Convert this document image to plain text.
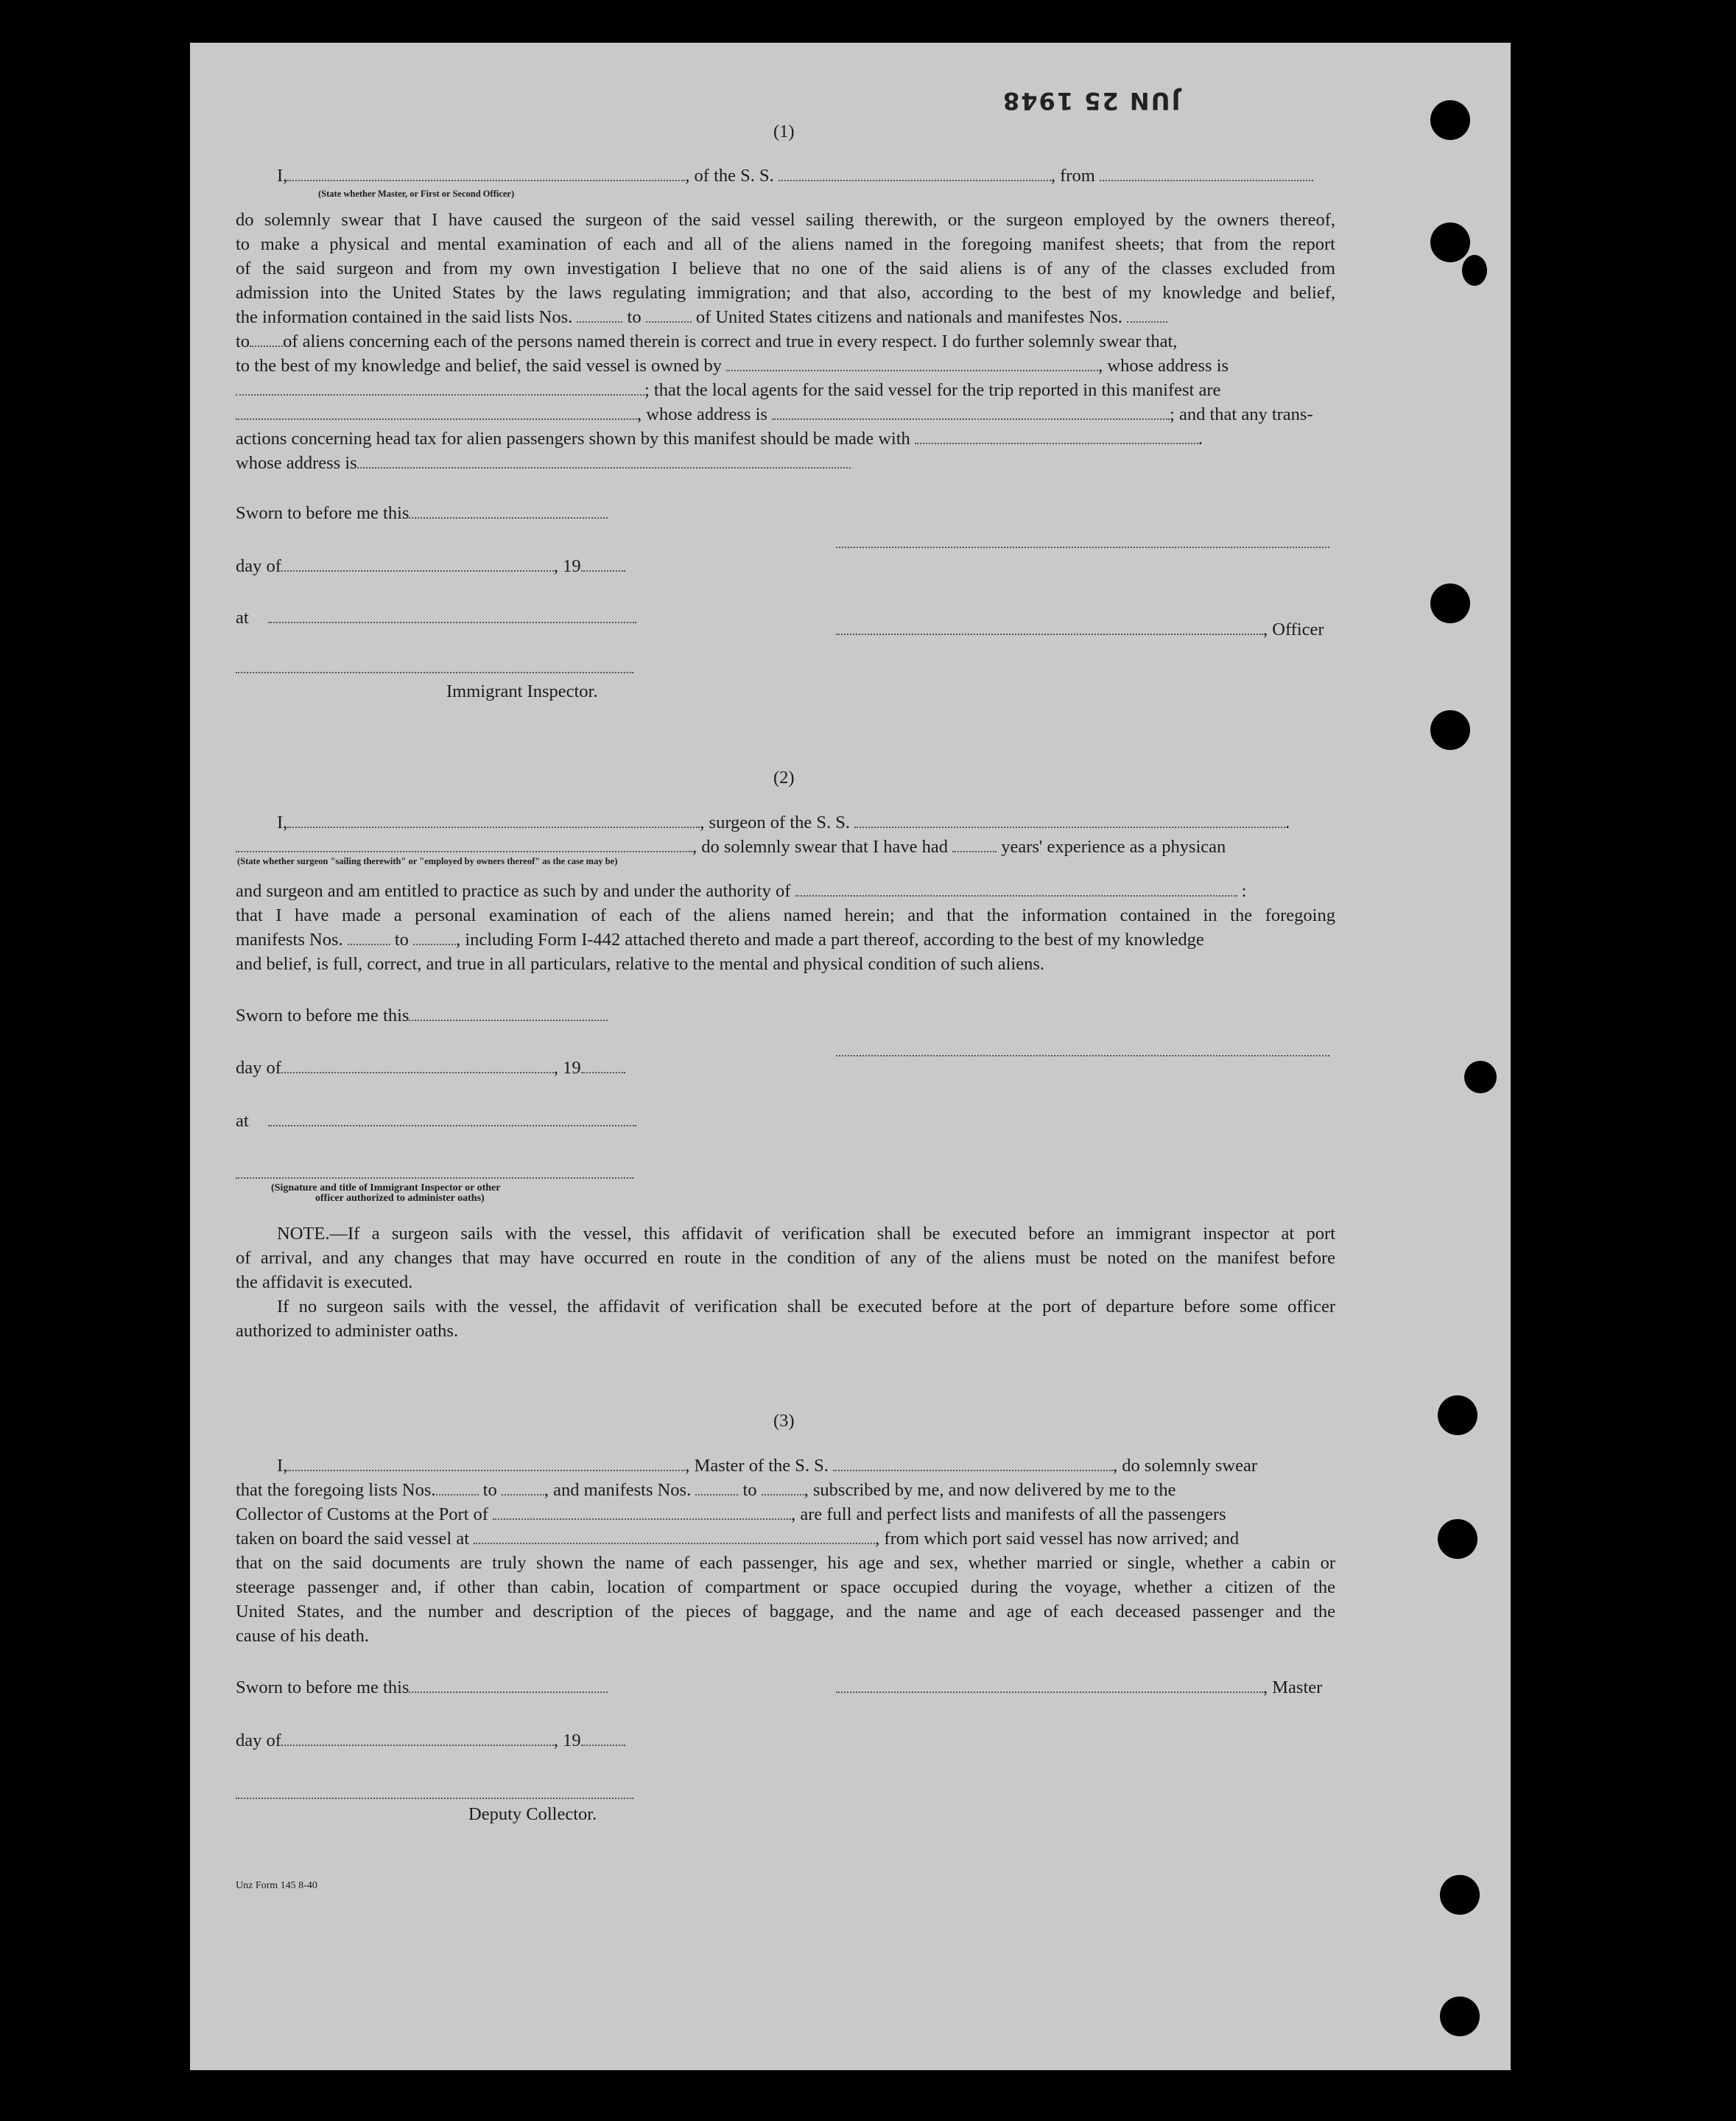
JUN 25 1948
(1)
I,	, of the S. S.	, from
(State whether Master, or First or Second Officer)
do solemnly swear that I have caused the surgeon of the said vessel sailing therewith, or the surgeon employed by the owners thereof,
to make a physical and mental examination of each and all of the aliens named in the foregoing manifest sheets; that from the report
of the said surgeon and from my own investigation I believe that no one of the said aliens is of any of the classes excluded from
admission into the United States by the laws regulating immigration; and that also, according to the best of my knowledge and belief,
the information contained in the said lists Nos.	to	of United States citizens and nationals and manifestes Nos.
to of aliens concerning each of the persons named therein is correct and true in every respect. I do further solemnly swear that,
to the best of my knowledge and belief, the said vessel is owned by	, whose address is
; that the local agents for the said vessel for the trip reported in this manifest are
, whose address is	; and that any trans-
actions concerning head tax for alien passengers shown by this manifest should be made with	.
whose address is
Sworn to before me this
day of	, 19
at
, Officer
Immigrant Inspector.
(2)
I,	, surgeon of the S. S.	.
, do solemnly swear that I have had	years' experience as a physican
(State whether surgeon "sailing therewith" or "employed by owners thereof" as the case may be)
and surgeon and am entitled to practice as such by and under the authority of	:
that I have made a personal examination of each of the aliens named herein; and that the information contained in the foregoing
manifests Nos.	to	, including Form I-442 attached thereto and made a part thereof, according to the best of my knowledge
and belief, is full, correct, and true in all particulars, relative to the mental and physical condition of such aliens.
Sworn to before me this
day of	, 19
at
(Signature and title of Immigrant Inspector or other
officer authorized to administer oaths)
NOTE.—If a surgeon sails with the vessel, this affidavit of verification shall be executed before an immigrant inspector at port
of arrival, and any changes that may have occurred en route in the condition of any of the aliens must be noted on the manifest before
the affidavit is executed.
If no surgeon sails with the vessel, the affidavit of verification shall be executed before at the port of departure before some officer
authorized to administer oaths.
(3)
I,	, Master of the S. S.	, do solemnly swear
that the foregoing lists Nos.	to	, and manifests Nos.	to	, subscribed by me, and now delivered by me to the
Collector of Customs at the Port of	, are full and perfect lists and manifests of all the passengers
taken on board the said vessel at	, from which port said vessel has now arrived; and
that on the said documents are truly shown the name of each passenger, his age and sex, whether married or single, whether a cabin or
steerage passenger and, if other than cabin, location of compartment or space occupied during the voyage, whether a citizen of the
United States, and the number and description of the pieces of baggage, and the name and age of each deceased passenger and the
cause of his death.
Sworn to before me this	, Master
day of	, 19
Deputy Collector.
Unz Form 145 8-40
